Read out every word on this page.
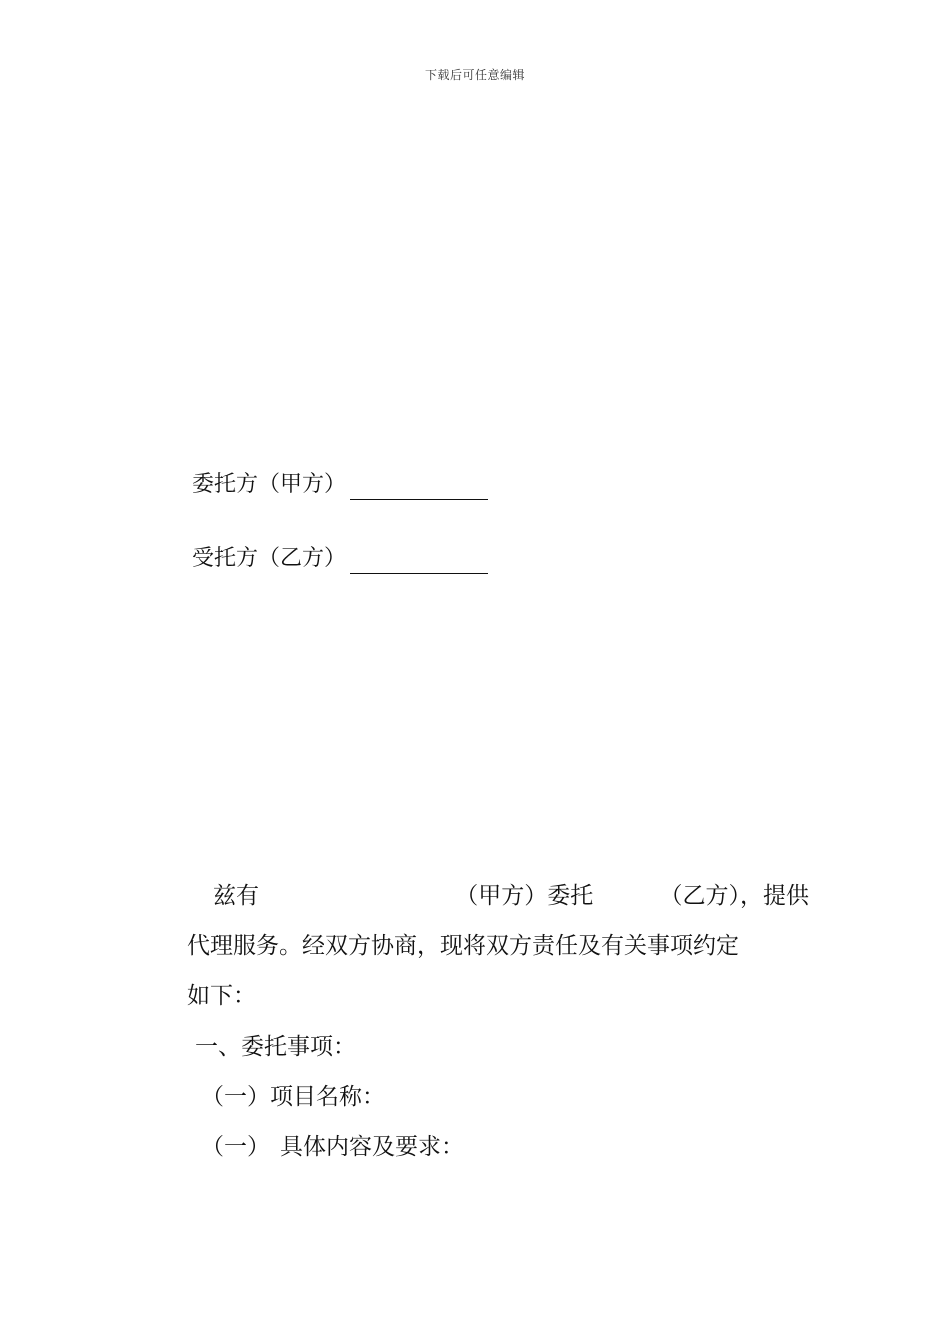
下载后可任意编辑
委托方（甲方）
受托方（乙方）
兹有	（甲方）委托	（乙方），提供
代理服务。经双方协商，现将双方责任及有关事项约定
如下：
一、委托事项：
（一）项目名称：
（一） 具体内容及要求：
